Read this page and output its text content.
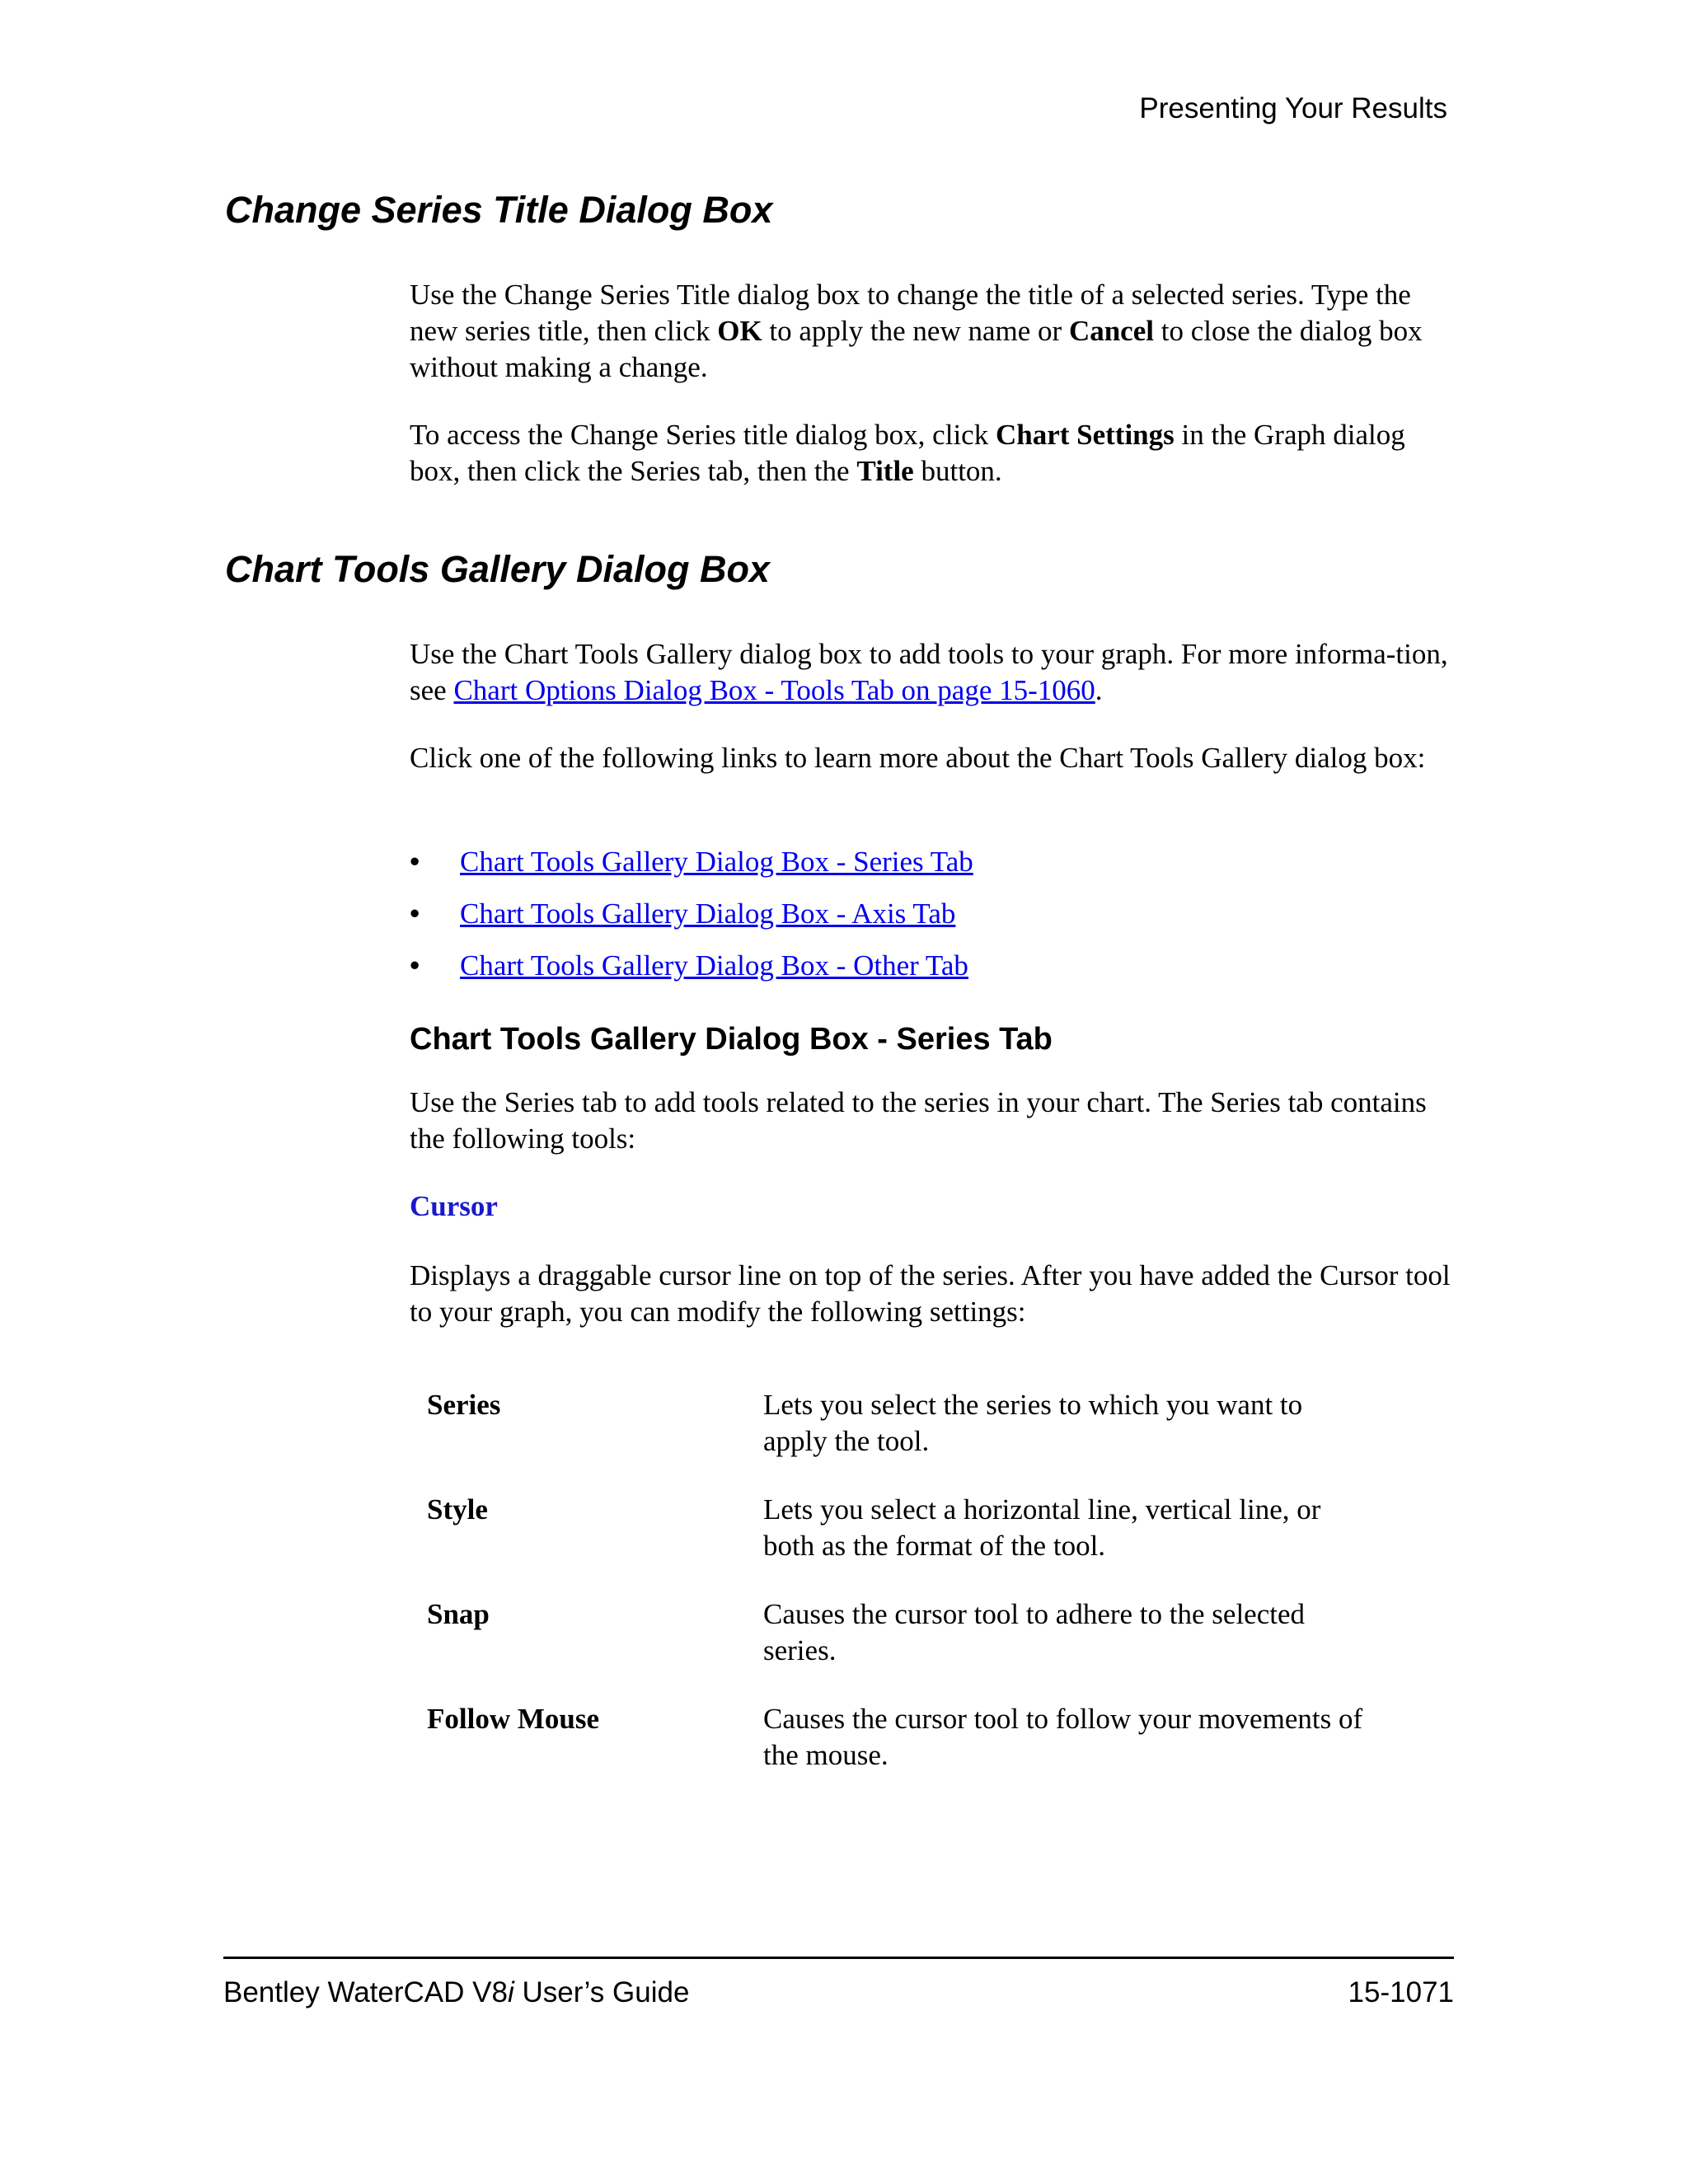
Presenting Your Results
Change Series Title Dialog Box

Use the Change Series Title dialog box to change the title of a selected series. Type the new series title, then click OK to apply the new name or Cancel to close the dialog box without making a change.

To access the Change Series title dialog box, click Chart Settings in the Graph dialog box, then click the Series tab, then the Title button.

Chart Tools Gallery Dialog Box

Use the Chart Tools Gallery dialog box to add tools to your graph. For more informa-tion, see Chart Options Dialog Box - Tools Tab on page 15-1060.

Click one of the following links to learn more about the Chart Tools Gallery dialog box:

• Chart Tools Gallery Dialog Box - Series Tab
• Chart Tools Gallery Dialog Box - Axis Tab
• Chart Tools Gallery Dialog Box - Other Tab
Chart Tools Gallery Dialog Box - Series Tab

Use the Series tab to add tools related to the series in your chart. The Series tab contains the following tools:

Cursor

Displays a draggable cursor line on top of the series. After you have added the Cursor tool to your graph, you can modify the following settings:

Series	Lets you select the series to which you want to apply the tool.
Style	Lets you select a horizontal line, vertical line, or both as the format of the tool.
Snap	Causes the cursor tool to adhere to the selected series.
Follow Mouse	Causes the cursor tool to follow your movements of the mouse.
Bentley WaterCAD V8i User’s Guide	15-1071
